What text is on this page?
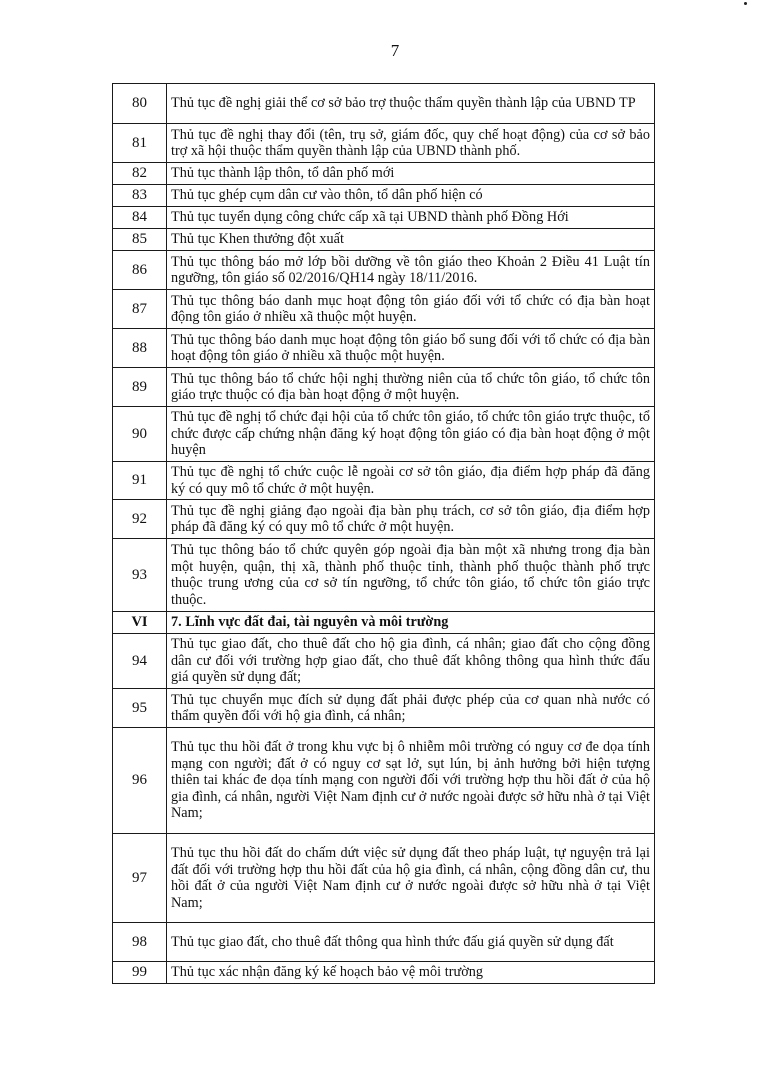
7
80	Thủ tục đề nghị giải thể cơ sở bảo trợ thuộc thẩm quyền thành lập của UBND TP
81	Thủ tục đề nghị thay đổi (tên, trụ sở, giám đốc, quy chế hoạt động) của cơ sở bảo trợ xã hội thuộc thẩm quyền thành lập của UBND thành phố.
82	Thủ tục thành lập thôn, tổ dân phố mới
83	Thủ tục ghép cụm dân cư vào thôn, tổ dân phố hiện có
84	Thủ tục tuyển dụng công chức cấp xã tại UBND thành phố Đồng Hới
85	Thủ tục Khen thưởng đột xuất
86	Thủ tục thông báo mở lớp bồi dưỡng về tôn giáo theo Khoản 2 Điều 41 Luật tín ngưỡng, tôn giáo số 02/2016/QH14 ngày 18/11/2016.
87	Thủ tục thông báo danh mục hoạt động tôn giáo đối với tổ chức có địa bàn hoạt động tôn giáo ở nhiều xã thuộc một huyện.
88	Thủ tục thông báo danh mục hoạt động tôn giáo bổ sung đối với tổ chức có địa bàn hoạt động tôn giáo ở nhiều xã thuộc một huyện.
89	Thủ tục thông báo tổ chức hội nghị thường niên của tổ chức tôn giáo, tổ chức tôn giáo trực thuộc có địa bàn hoạt động ở một huyện.
90	Thủ tục đề nghị tổ chức đại hội của tổ chức tôn giáo, tổ chức tôn giáo trực thuộc, tổ chức được cấp chứng nhận đăng ký hoạt động tôn giáo có địa bàn hoạt động ở một huyện
91	Thủ tục đề nghị tổ chức cuộc lễ ngoài cơ sở tôn giáo, địa điểm hợp pháp đã đăng ký có quy mô tổ chức ở một huyện.
92	Thủ tục đề nghị giảng đạo ngoài địa bàn phụ trách, cơ sở tôn giáo, địa điểm hợp pháp đã đăng ký có quy mô tổ chức ở một huyện.
93	Thủ tục thông báo tổ chức quyên góp ngoài địa bàn một xã nhưng trong địa bàn một huyện, quận, thị xã, thành phố thuộc tỉnh, thành phố thuộc thành phố trực thuộc trung ương của cơ sở tín ngưỡng, tổ chức tôn giáo, tổ chức tôn giáo trực thuộc.
VI	7. Lĩnh vực đất đai, tài nguyên và môi trường
94	Thủ tục giao đất, cho thuê đất cho hộ gia đình, cá nhân; giao đất cho cộng đồng dân cư đối với trường hợp giao đất, cho thuê đất không thông qua hình thức đấu giá quyền sử dụng đất;
95	Thủ tục chuyển mục đích sử dụng đất phải được phép của cơ quan nhà nước có thẩm quyền đối với hộ gia đình, cá nhân;
96	Thủ tục thu hồi đất ở trong khu vực bị ô nhiễm môi trường có nguy cơ đe dọa tính mạng con người; đất ở có nguy cơ sạt lở, sụt lún, bị ảnh hưởng bởi hiện tượng thiên tai khác đe dọa tính mạng con người đối với trường hợp thu hồi đất ở của hộ gia đình, cá nhân, người Việt Nam định cư ở nước ngoài được sở hữu nhà ở tại Việt Nam;
97	Thủ tục thu hồi đất do chấm dứt việc sử dụng đất theo pháp luật, tự nguyện trả lại đất đối với trường hợp thu hồi đất của hộ gia đình, cá nhân, cộng đồng dân cư, thu hồi đất ở của người Việt Nam định cư ở nước ngoài được sở hữu nhà ở tại Việt Nam;
98	Thủ tục giao đất, cho thuê đất thông qua hình thức đấu giá quyền sử dụng đất
99	Thủ tục xác nhận đăng ký kế hoạch bảo vệ môi trường
